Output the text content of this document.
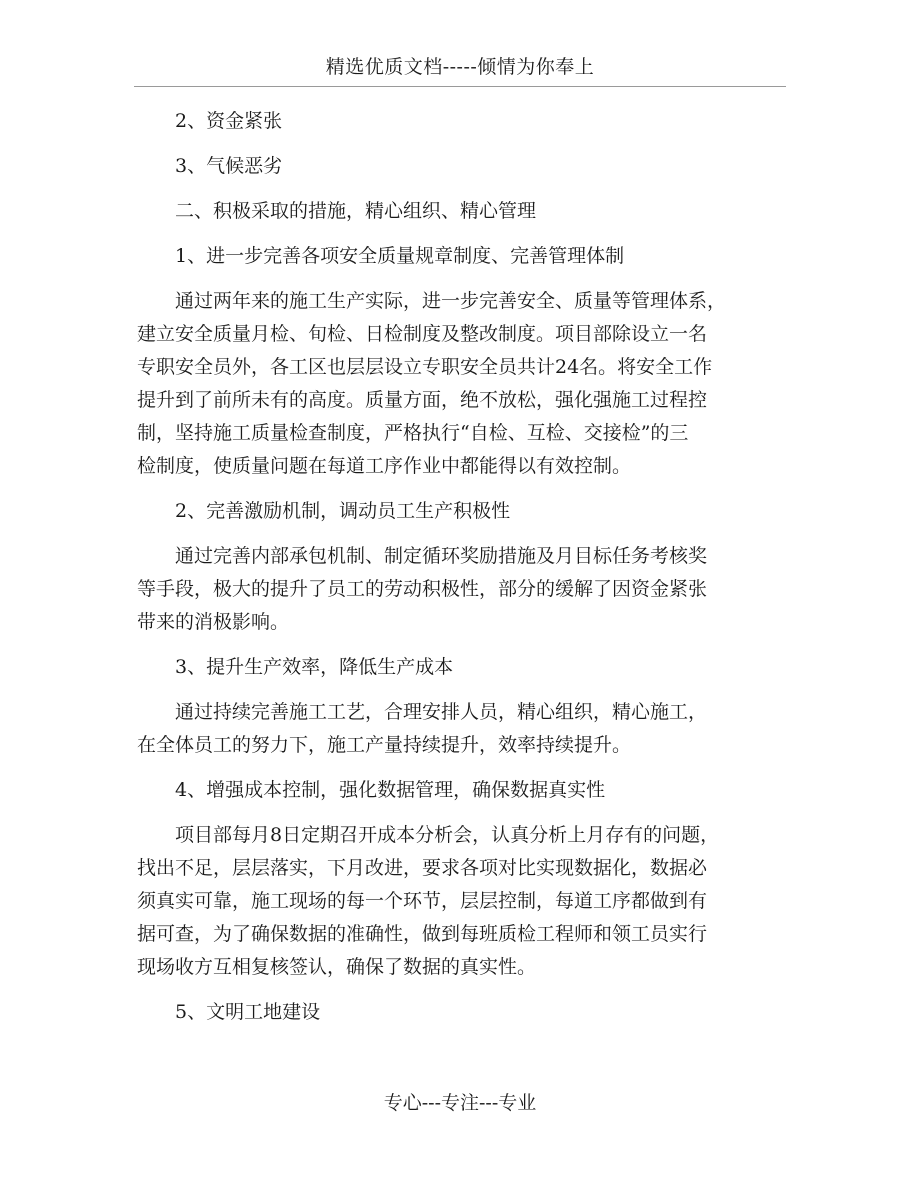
精选优质文档-----倾情为你奉上

2、资金紧张

3、气候恶劣

二、积极采取的措施，精心组织、精心管理

1、进一步完善各项安全质量规章制度、完善管理体制

通过两年来的施工生产实际，进一步完善安全、质量等管理体系，
建立安全质量月检、旬检、日检制度及整改制度。项目部除设立一名
专职安全员外，各工区也层层设立专职安全员共计24名。将安全工作
提升到了前所未有的高度。质量方面，绝不放松，强化强施工过程控
制，坚持施工质量检查制度，严格执行“自检、互检、交接检”的三
检制度，使质量问题在每道工序作业中都能得以有效控制。

2、完善激励机制，调动员工生产积极性

通过完善内部承包机制、制定循环奖励措施及月目标任务考核奖
等手段，极大的提升了员工的劳动积极性，部分的缓解了因资金紧张
带来的消极影响。

3、提升生产效率，降低生产成本

通过持续完善施工工艺，合理安排人员，精心组织，精心施工，
在全体员工的努力下，施工产量持续提升，效率持续提升。

4、增强成本控制，强化数据管理，确保数据真实性

项目部每月8日定期召开成本分析会，认真分析上月存有的问题，
找出不足，层层落实，下月改进，要求各项对比实现数据化，数据必
须真实可靠，施工现场的每一个环节，层层控制，每道工序都做到有
据可查，为了确保数据的准确性，做到每班质检工程师和领工员实行
现场收方互相复核签认，确保了数据的真实性。

5、文明工地建设

专心---专注---专业
